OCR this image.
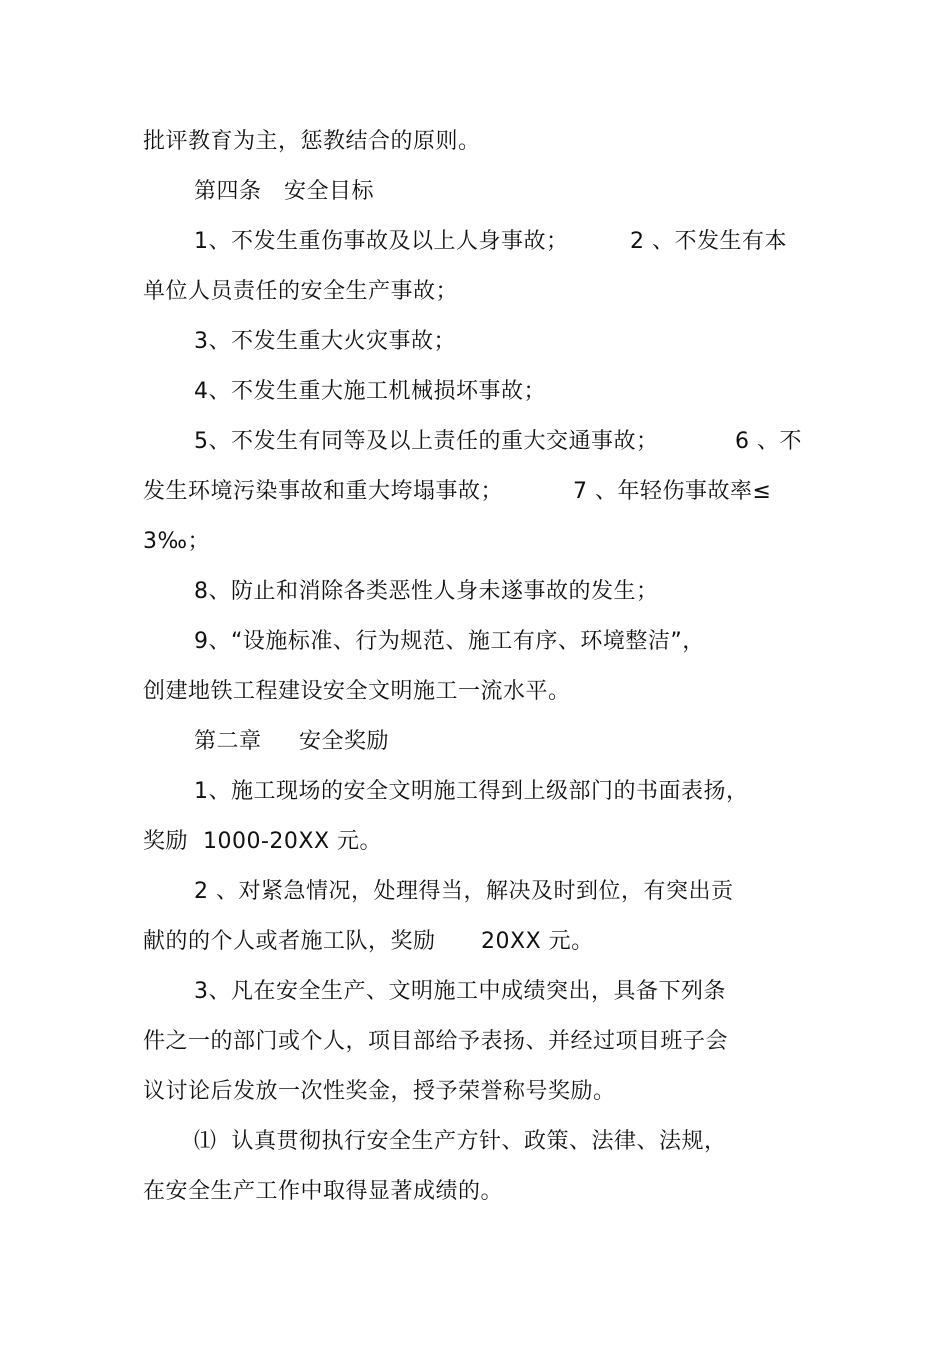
批评教育为主，惩教结合的原则。
第四条　安全目标
1、不发生重伤事故及以上人身事故；	2 、不发生有本
单位人员责任的安全生产事故；
3、不发生重大火灾事故；
4、不发生重大施工机械损坏事故；
5、不发生有同等及以上责任的重大交通事故；	6 、不
发生环境污染事故和重大垮塌事故；	7 、年轻伤事故率≤
3‰；
8、防止和消除各类恶性人身未遂事故的发生；
9、“设施标准、行为规范、施工有序、环境整洁”，
创建地铁工程建设安全文明施工一流水平。
第二章　  安全奖励
1、施工现场的安全文明施工得到上级部门的书面表扬，
奖励  1000-20XX 元。
2 、对紧急情况，处理得当，解决及时到位，有突出贡
献的的个人或者施工队，奖励 20XX 元。
3、凡在安全生产、文明施工中成绩突出，具备下列条
件之一的部门或个人，项目部给予表扬、并经过项目班子会
议讨论后发放一次性奖金，授予荣誉称号奖励。
⑴  认真贯彻执行安全生产方针、政策、法律、法规，
在安全生产工作中取得显著成绩的。
